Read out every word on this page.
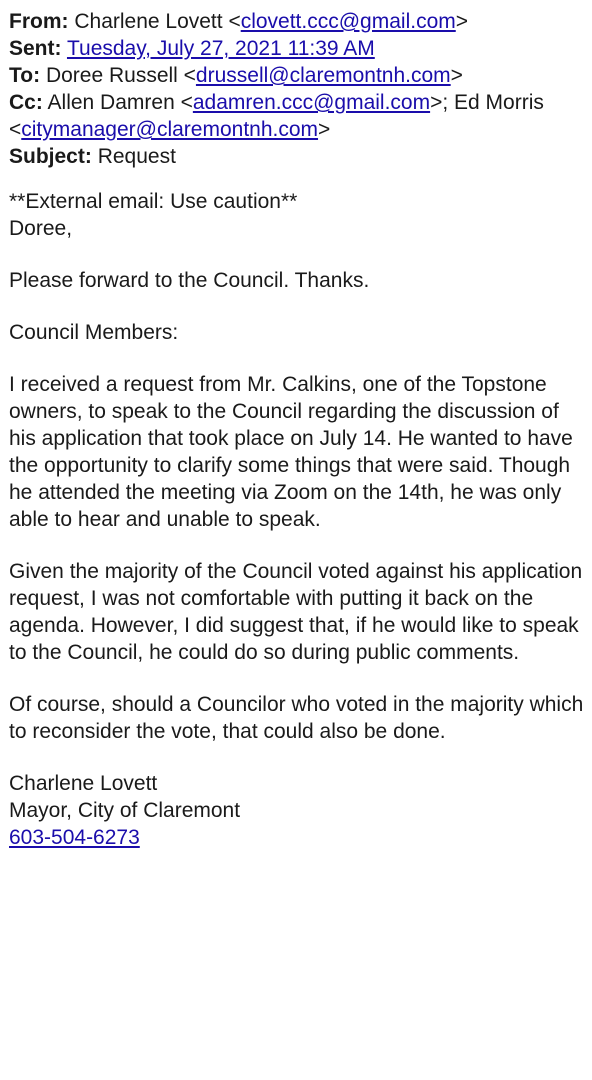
From: Charlene Lovett <clovett.ccc@gmail.com>

Sent: Tuesday, July 27, 2021 11:39 AM

To: Doree Russell <drussell@claremontnh.com>

Cc: Allen Damren <adamren.ccc@gmail.com>; Ed Morris <citymanager@claremontnh.com>

Subject: Request

**External email: Use caution**

Doree,

Please forward to the Council. Thanks.

Council Members:

I received a request from Mr. Calkins, one of the Topstone owners, to speak to the Council regarding the discussion of his application that took place on July 14. He wanted to have the opportunity to clarify some things that were said. Though he attended the meeting via Zoom on the 14th, he was only able to hear and unable to speak.

Given the majority of the Council voted against his application request, I was not comfortable with putting it back on the agenda. However, I did suggest that, if he would like to speak to the Council, he could do so during public comments.

Of course, should a Councilor who voted in the majority which to reconsider the vote, that could also be done.

Charlene Lovett

Mayor, City of Claremont

603-504-6273
